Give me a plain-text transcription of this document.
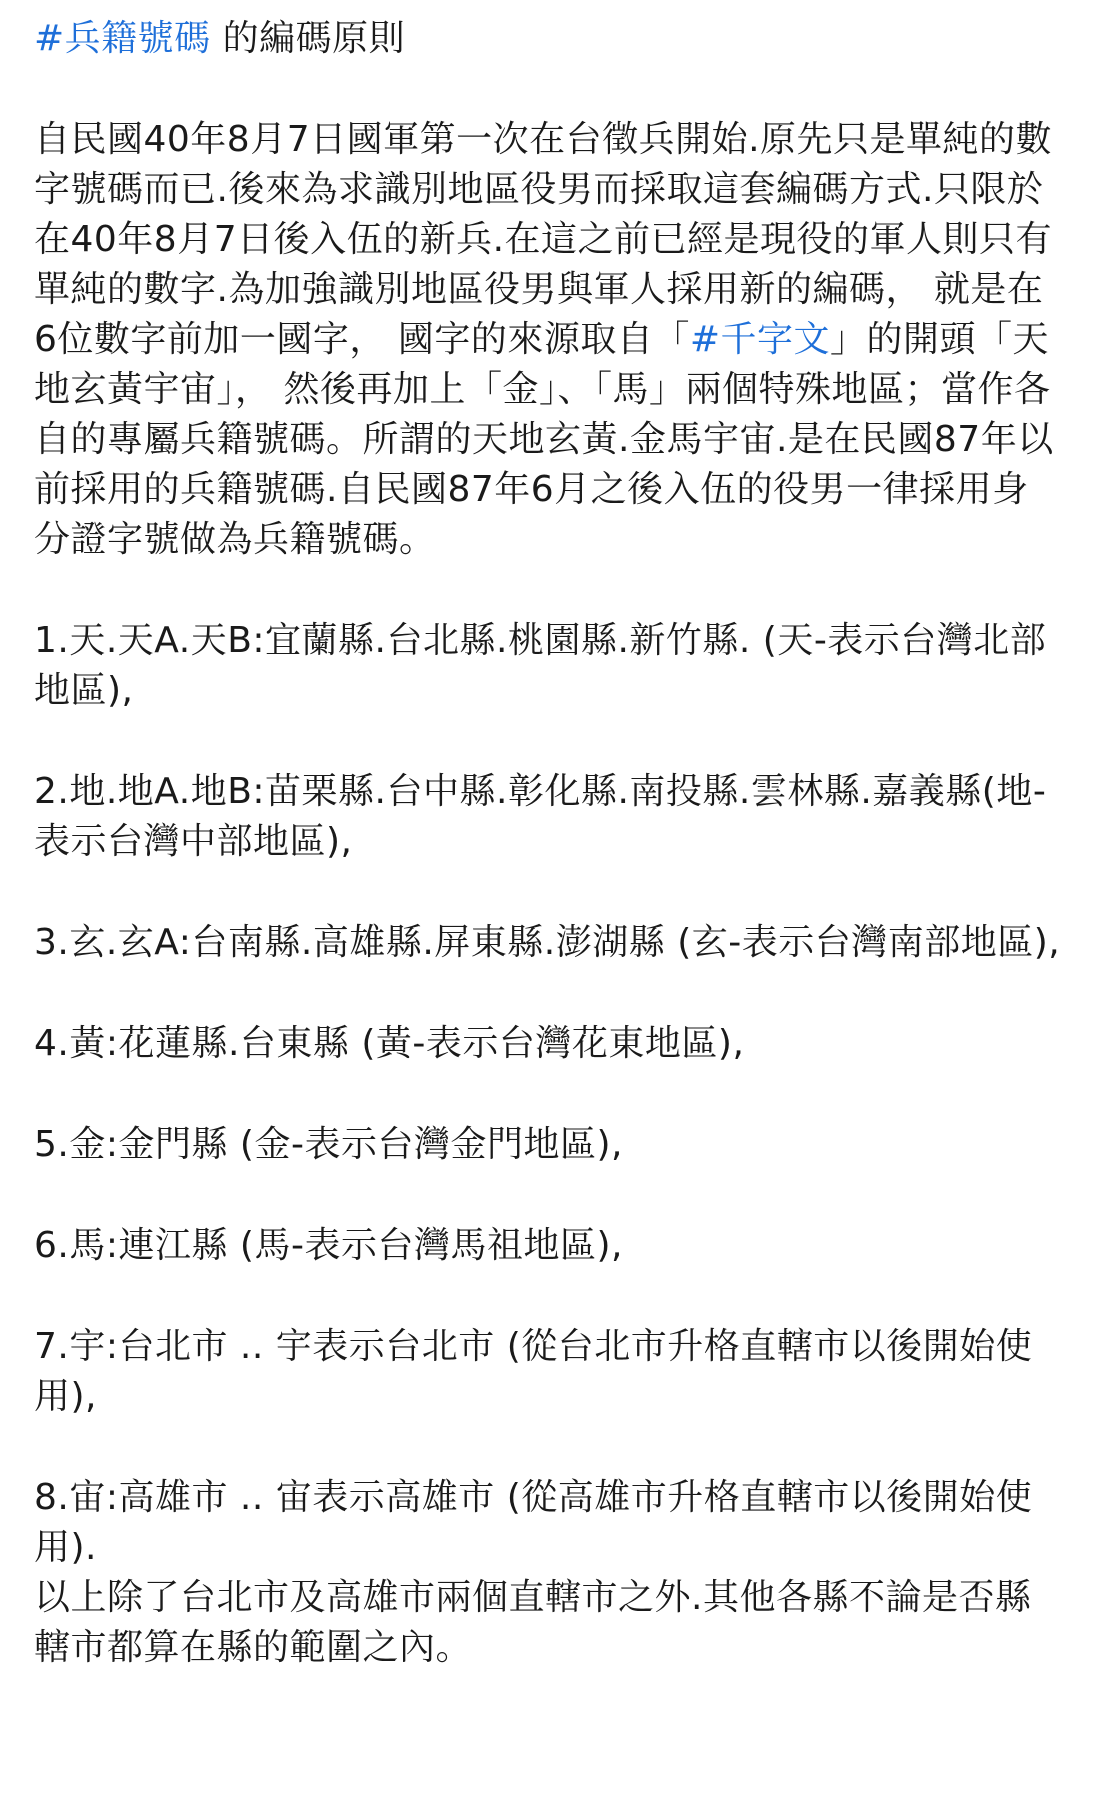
#兵籍號碼 的編碼原則

自民國40年8月7日國軍第一次在台徵兵開始.原先只是單純的數字號碼而已.後來為求識別地區役男而採取這套編碼方式.只限於在40年8月7日後入伍的新兵.在這之前已經是現役的軍人則只有單純的數字.為加強識別地區役男與軍人採用新的編碼， 就是在6位數字前加一國字， 國字的來源取自「#千字文」的開頭「天地玄黃宇宙」， 然後再加上「金」、「馬」兩個特殊地區；當作各自的專屬兵籍號碼。所謂的天地玄黃.金馬宇宙.是在民國87年以前採用的兵籍號碼.自民國87年6月之後入伍的役男一律採用身分證字號做為兵籍號碼。

1.天.天A.天B:宜蘭縣.台北縣.桃園縣.新竹縣. (天-表示台灣北部地區),

2.地.地A.地B:苗栗縣.台中縣.彰化縣.南投縣.雲林縣.嘉義縣(地-表示台灣中部地區),

3.玄.玄A:台南縣.高雄縣.屏東縣.澎湖縣 (玄-表示台灣南部地區),

4.黃:花蓮縣.台東縣 (黃-表示台灣花東地區),

5.金:金門縣 (金-表示台灣金門地區),

6.馬:連江縣 (馬-表示台灣馬祖地區),

7.宇:台北市 .. 宇表示台北市 (從台北市升格直轄市以後開始使用),

8.宙:高雄市 .. 宙表示高雄市 (從高雄市升格直轄市以後開始使用).

以上除了台北市及高雄市兩個直轄市之外.其他各縣不論是否縣轄市都算在縣的範圍之內。
